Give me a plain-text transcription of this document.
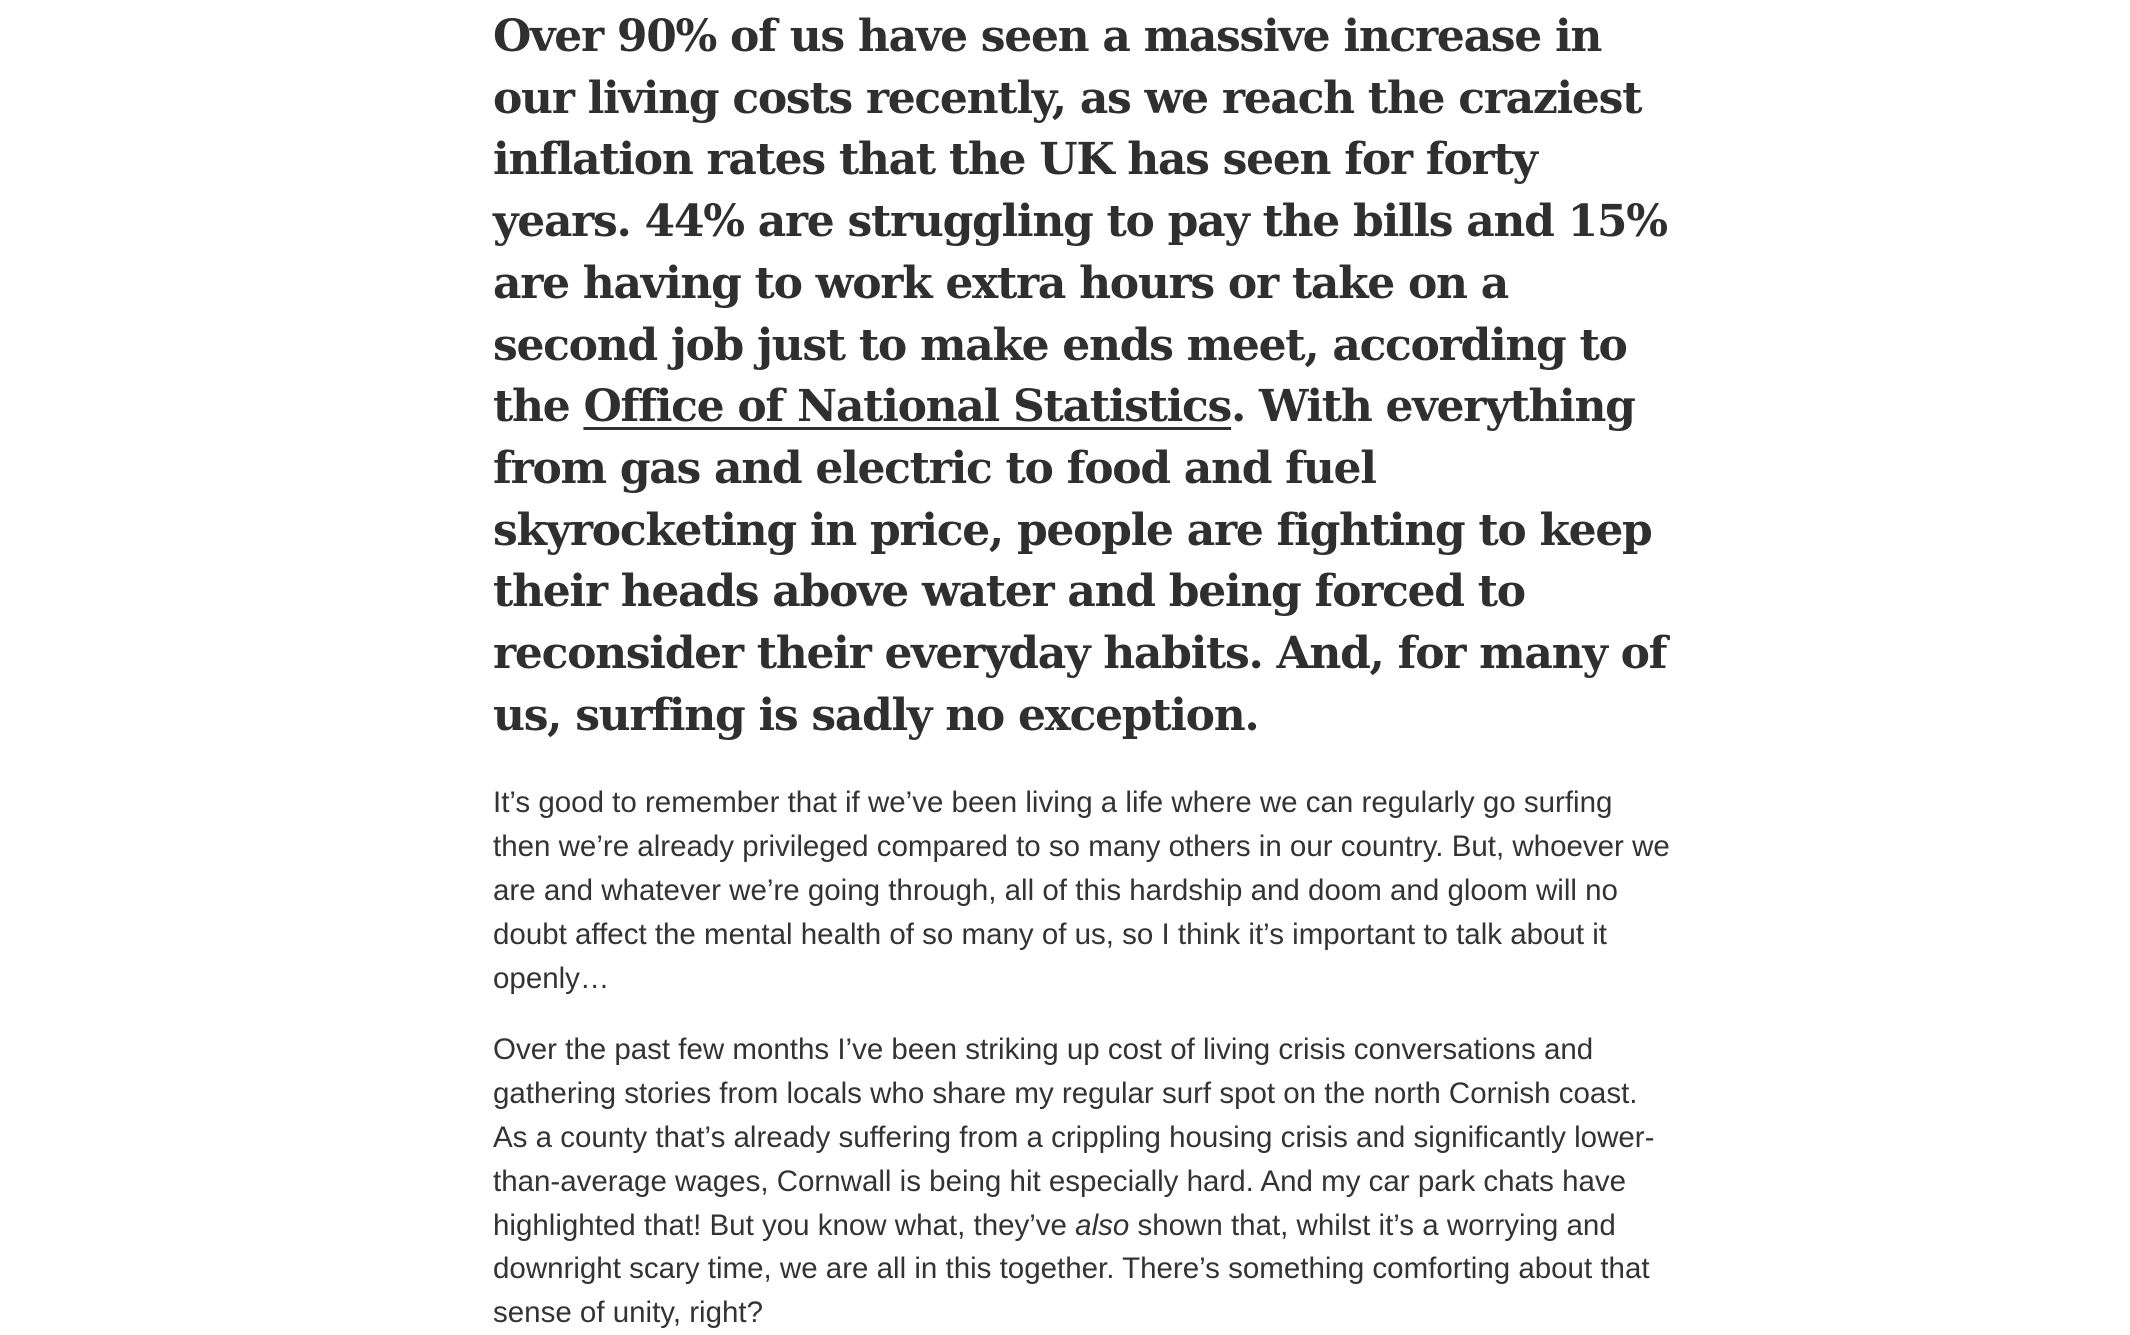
Over 90% of us have seen a massive increase in our living costs recently, as we reach the craziest inflation rates that the UK has seen for forty years. 44% are struggling to pay the bills and 15% are having to work extra hours or take on a second job just to make ends meet, according to the Office of National Statistics. With everything from gas and electric to food and fuel skyrocketing in price, people are fighting to keep their heads above water and being forced to reconsider their everyday habits. And, for many of us, surfing is sadly no exception.

It’s good to remember that if we’ve been living a life where we can regularly go surfing then we’re already privileged compared to so many others in our country. But, whoever we are and whatever we’re going through, all of this hardship and doom and gloom will no doubt affect the mental health of so many of us, so I think it’s important to talk about it openly…

Over the past few months I’ve been striking up cost of living crisis conversations and gathering stories from locals who share my regular surf spot on the north Cornish coast. As a county that’s already suffering from a crippling housing crisis and significantly lower-than-average wages, Cornwall is being hit especially hard. And my car park chats have highlighted that! But you know what, they’ve also shown that, whilst it’s a worrying and downright scary time, we are all in this together. There’s something comforting about that sense of unity, right?
